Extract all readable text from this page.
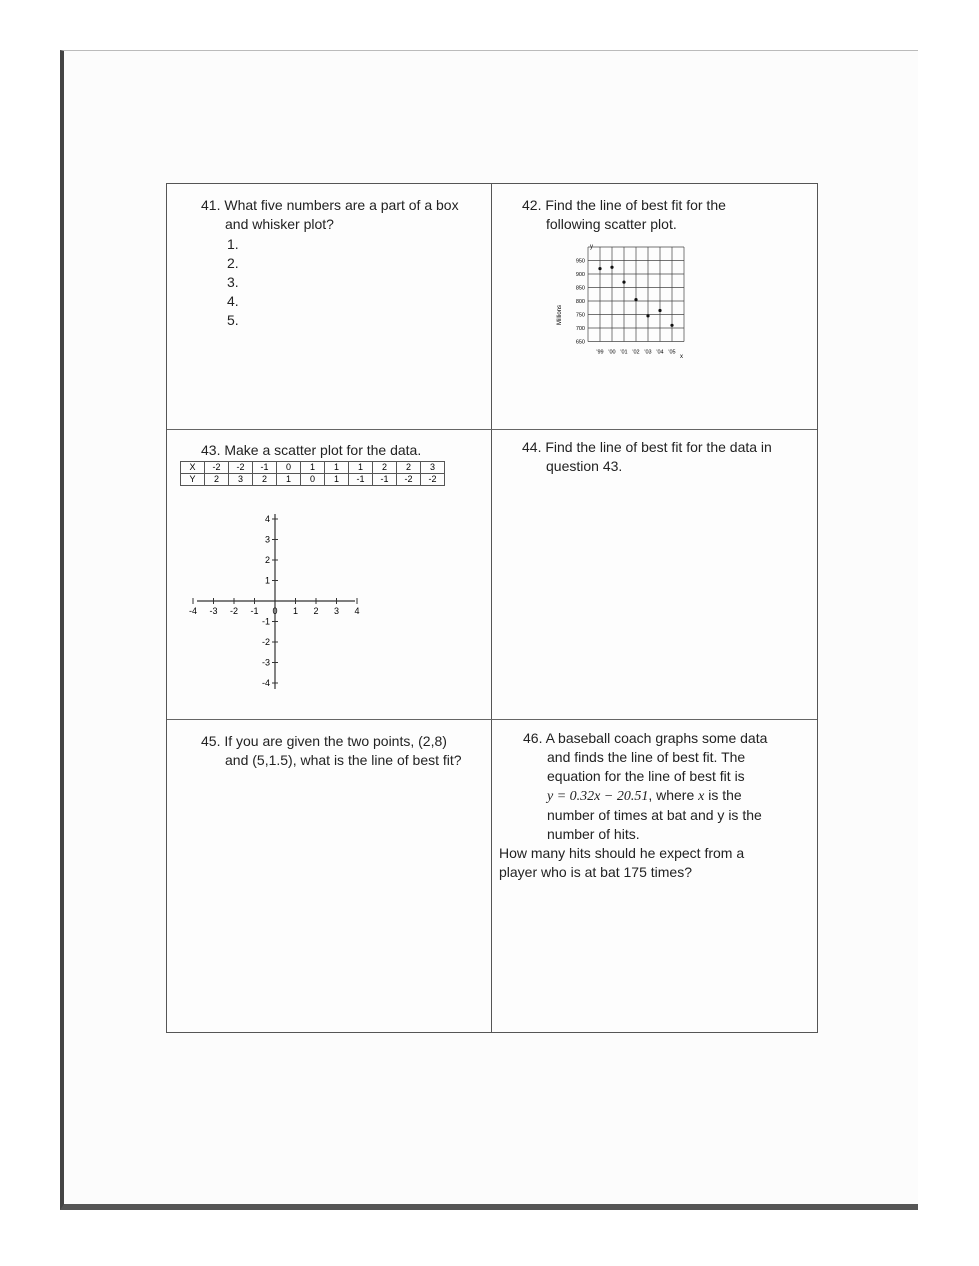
41. What five numbers are a part of a box
and whisker plot?
1.
2.
3.
4.
5.
42. Find the line of best fit for the
following scatter plot.
Millions
y
x
950
900
850
800
750
700
650
'99 '00 '01 '02 '03 '04 '05
43. Make a scatter plot for the data.
X	-2	-2	-1	0	1	1	1	2	2	3
Y	2	3	2	1	0	1	-1	-1	-2	-2
-4 -3 -2 -1 0 1 2 3 4
4
3
2
1
-1
-2
-3
-4
44. Find the line of best fit for the data in
question 43.
45. If you are given the two points, (2,8)
and (5,1.5), what is the line of best fit?
46. A baseball coach graphs some data
and finds the line of best fit. The
equation for the line of best fit is
y = 0.32x − 20.51, where x is the
number of times at bat and y is the
number of hits.
How many hits should he expect from a
player who is at bat 175 times?
